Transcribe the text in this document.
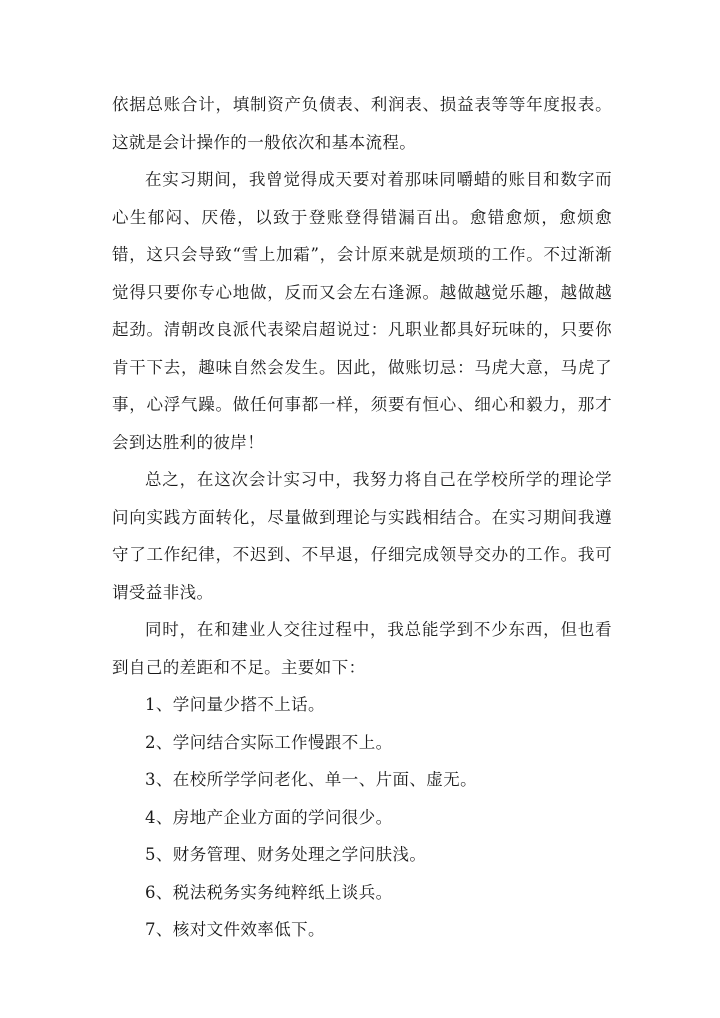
依据总账合计，填制资产负债表、利润表、损益表等等年度报表。这就是会计操作的一般依次和基本流程。

在实习期间，我曾觉得成天要对着那味同嚼蜡的账目和数字而心生郁闷、厌倦，以致于登账登得错漏百出。愈错愈烦，愈烦愈错，这只会导致“雪上加霜”，会计原来就是烦琐的工作。不过渐渐觉得只要你专心地做，反而又会左右逢源。越做越觉乐趣，越做越起劲。清朝改良派代表梁启超说过：凡职业都具好玩味的，只要你肯干下去，趣味自然会发生。因此，做账切忌：马虎大意，马虎了事，心浮气躁。做任何事都一样，须要有恒心、细心和毅力，那才会到达胜利的彼岸！

总之，在这次会计实习中，我努力将自己在学校所学的理论学问向实践方面转化，尽量做到理论与实践相结合。在实习期间我遵守了工作纪律，不迟到、不早退，仔细完成领导交办的工作。我可谓受益非浅。

同时，在和建业人交往过程中，我总能学到不少东西，但也看到自己的差距和不足。主要如下：

1、学问量少搭不上话。

2、学问结合实际工作慢跟不上。

3、在校所学学问老化、单一、片面、虚无。

4、房地产企业方面的学问很少。

5、财务管理、财务处理之学问肤浅。

6、税法税务实务纯粹纸上谈兵。

7、核对文件效率低下。
